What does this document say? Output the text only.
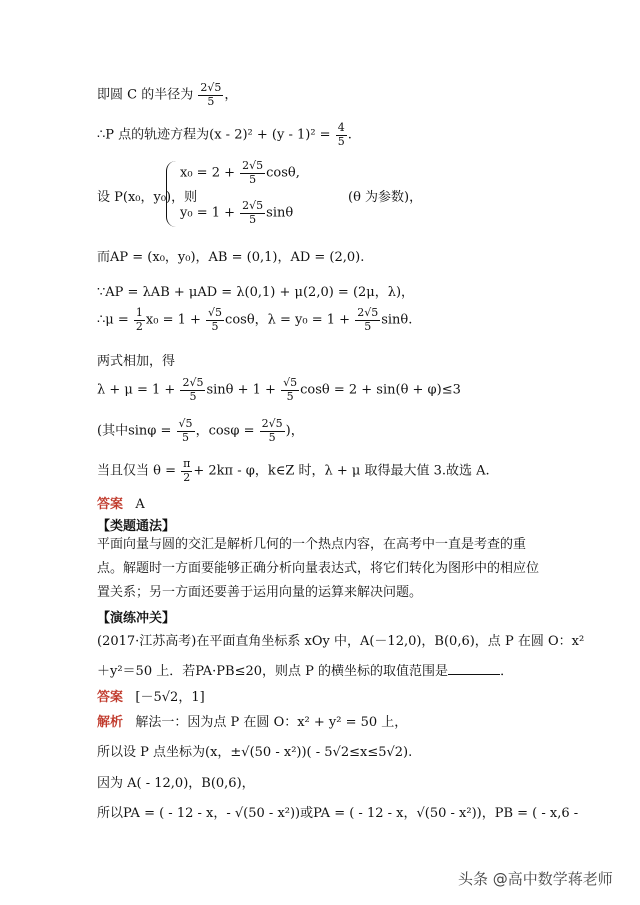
即圆 C 的半径为 $\frac{2√5}{5}$ ，
∴P 点的轨迹方程为$(x - 2)^2 + (y - 1)^2 = \frac{4}{5}$ .
设 P(x₀，y₀)，则
$x_0 = 2 + \frac{2√5}{5} \cos\theta$,
$y_0 = 1 + \frac{2√5}{5}$ sinθ
(θ 为参数)，
而AP = (x₀，y₀)，AB = (0,1)，AD = (2,0).
∵AP = λAB + μAD = λ(0,1) + μ(2,0) = (2μ，λ)，
∴μ = $\frac{1}{2} x_0 = 1 + \frac{√5}{5}$ cosθ，$\lambda = y_0 = 1 + \frac{2√5}{5} \sin\theta$.
两式相加，得
$\lambda + \mu = 1 + \frac{2√5}{5}$ $\sin\theta + 1 + \frac{√5}{5}$ cosθ = 2 + sin(θ + φ)≤3
(其中$\sin\varphi = \frac{√5}{5}$ ，$\cos\varphi = \frac{2√5}{5}$ )，
当且仅当 $\theta = \frac{\pi}{2} + 2k\pi - \varphi$，k∈Z 时，λ + μ 取得最大值 3.故选 A.
答案 A
【类题通法】
平面向量与圆的交汇是解析几何的一个热点内容，在高考中一直是考查的重点。解题时一方面要能够正确分析向量表达式，将它们转化为图形中的相应位置关系；另一方面还要善于运用向量的运算来解决问题。
【演练冲关】
(2017·江苏高考)在平面直角坐标系 xOy 中，A(－12,0)，B(0,6)，点 P 在圆 O：x²
＋y²＝50 上．若PA·PB≤20，则点 P 的横坐标的取值范围是	．
答案 [－5√2，1]
解析 解法一：因为点 P 在圆 O：x² + y² = 50 上，
所以设 P 点坐标为(x，±√(50 - x²))( - 5√2≤x≤5√2).
因为 A( - 12,0)，B(0,6)，
所以PA = ( - 12 - x，- √(50 - x²))或PA = ( - 12 - x，√(50 - x²))，PB = ( - x,6 -
头条 @高中数学蒋老师
